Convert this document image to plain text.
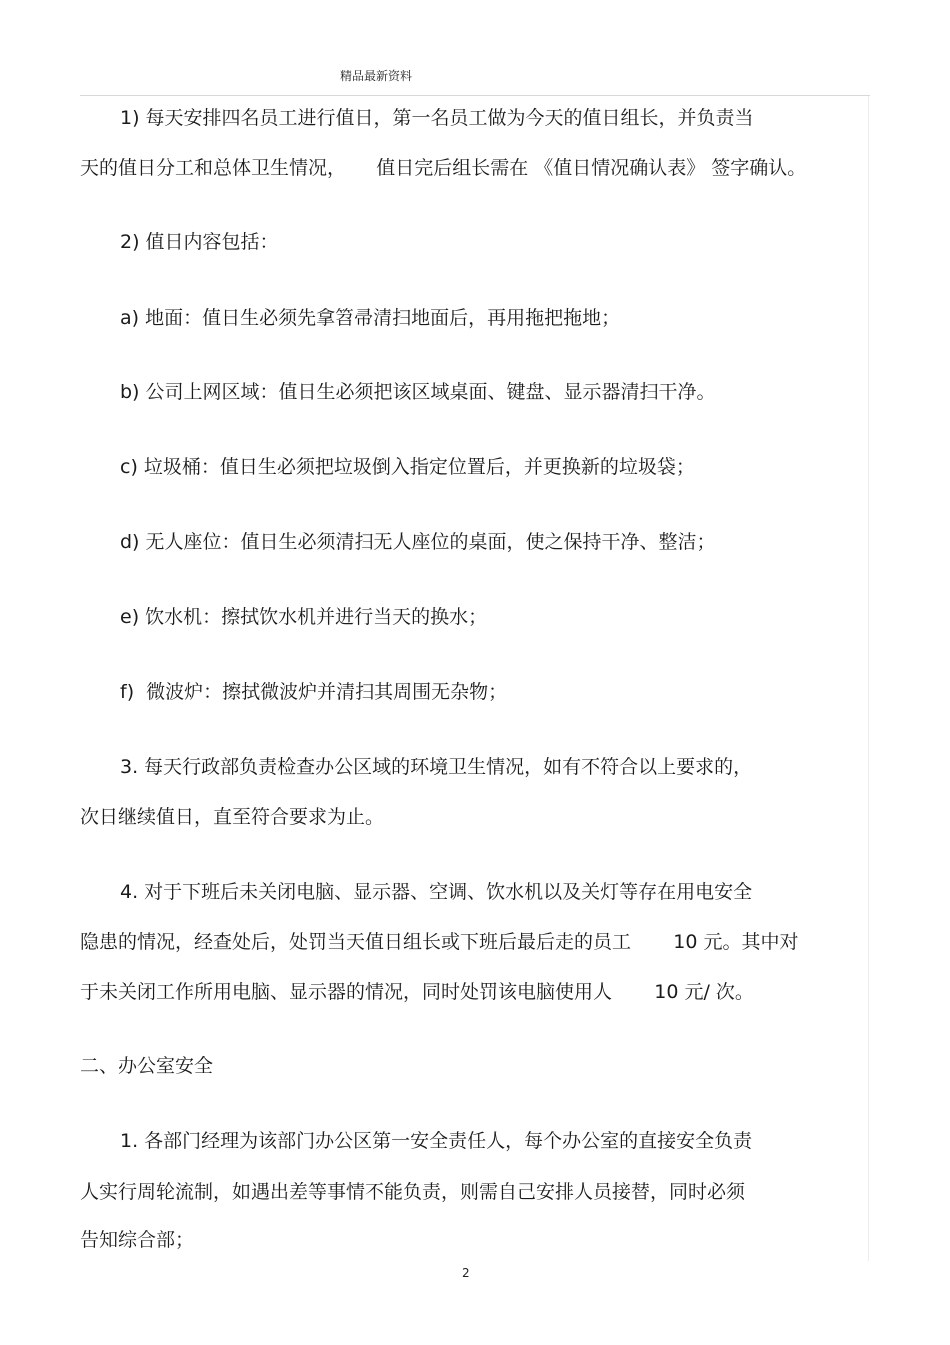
精品最新资料
1) 每天安排四名员工进行值日，第一名员工做为今天的值日组长，并负责当
天的值日分工和总体卫生情况，     值日完后组长需在 《值日情况确认表》 签字确认。
2) 值日内容包括：
a) 地面：值日生必须先拿笤帚清扫地面后，再用拖把拖地；
b) 公司上网区域：值日生必须把该区域桌面、键盘、显示器清扫干净。
c) 垃圾桶：值日生必须把垃圾倒入指定位置后，并更换新的垃圾袋；
d) 无人座位：值日生必须清扫无人座位的桌面，使之保持干净、整洁；
e) 饮水机：擦拭饮水机并进行当天的换水；
f)  微波炉：擦拭微波炉并清扫其周围无杂物；
3. 每天行政部负责检查办公区域的环境卫生情况，如有不符合以上要求的，
次日继续值日，直至符合要求为止。
4. 对于下班后未关闭电脑、显示器、空调、饮水机以及关灯等存在用电安全
隐患的情况，经查处后，处罚当天值日组长或下班后最后走的员工       10 元。其中对
于未关闭工作所用电脑、显示器的情况，同时处罚该电脑使用人       10 元/ 次。
二、办公室安全
1. 各部门经理为该部门办公区第一安全责任人，每个办公室的直接安全负责
人实行周轮流制，如遇出差等事情不能负责，则需自己安排人员接替，同时必须
告知综合部；
2
